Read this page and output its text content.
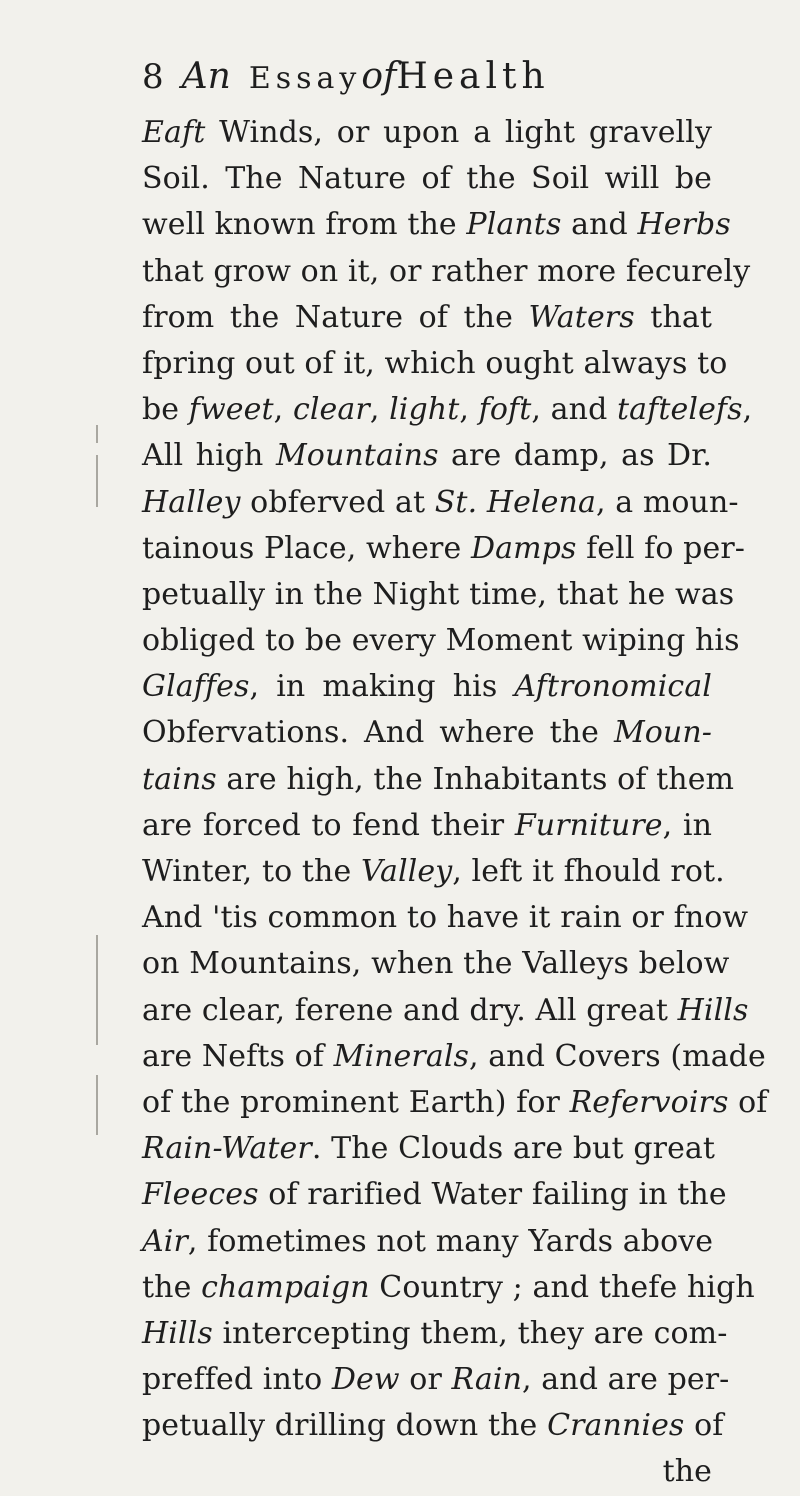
8 An EssayofHealth
Eaft Winds, or upon a light gravelly
Soil. The Nature of the Soil will be
well known from the Plants and Herbs
that grow on it, or rather more fecurely
from the Nature of the Waters that
fpring out of it, which ought always to
be fweet, clear, light, foft, and taftelefs,
All high Mountains are damp, as Dr.
Halley obferved at St. Helena, a moun-
tainous Place, where Damps fell fo per-
petually in the Night time, that he was
obliged to be every Moment wiping his
Glaffes, in making his Aftronomical
Obfervations. And where the Moun-
tains are high, the Inhabitants of them
are forced to fend their Furniture, in
Winter, to the Valley, left it fhould rot.
And 'tis common to have it rain or fnow
on Mountains, when the Valleys below
are clear, ferene and dry. All great Hills
are Nefts of Minerals, and Covers (made
of the prominent Earth) for Refervoirs of
Rain-Water. The Clouds are but great
Fleeces of rarified Water failing in the
Air, fometimes not many Yards above
the champaign Country ; and thefe high
Hills intercepting them, they are com-
preffed into Dew or Rain, and are per-
petually drilling down the Crannies of
the
